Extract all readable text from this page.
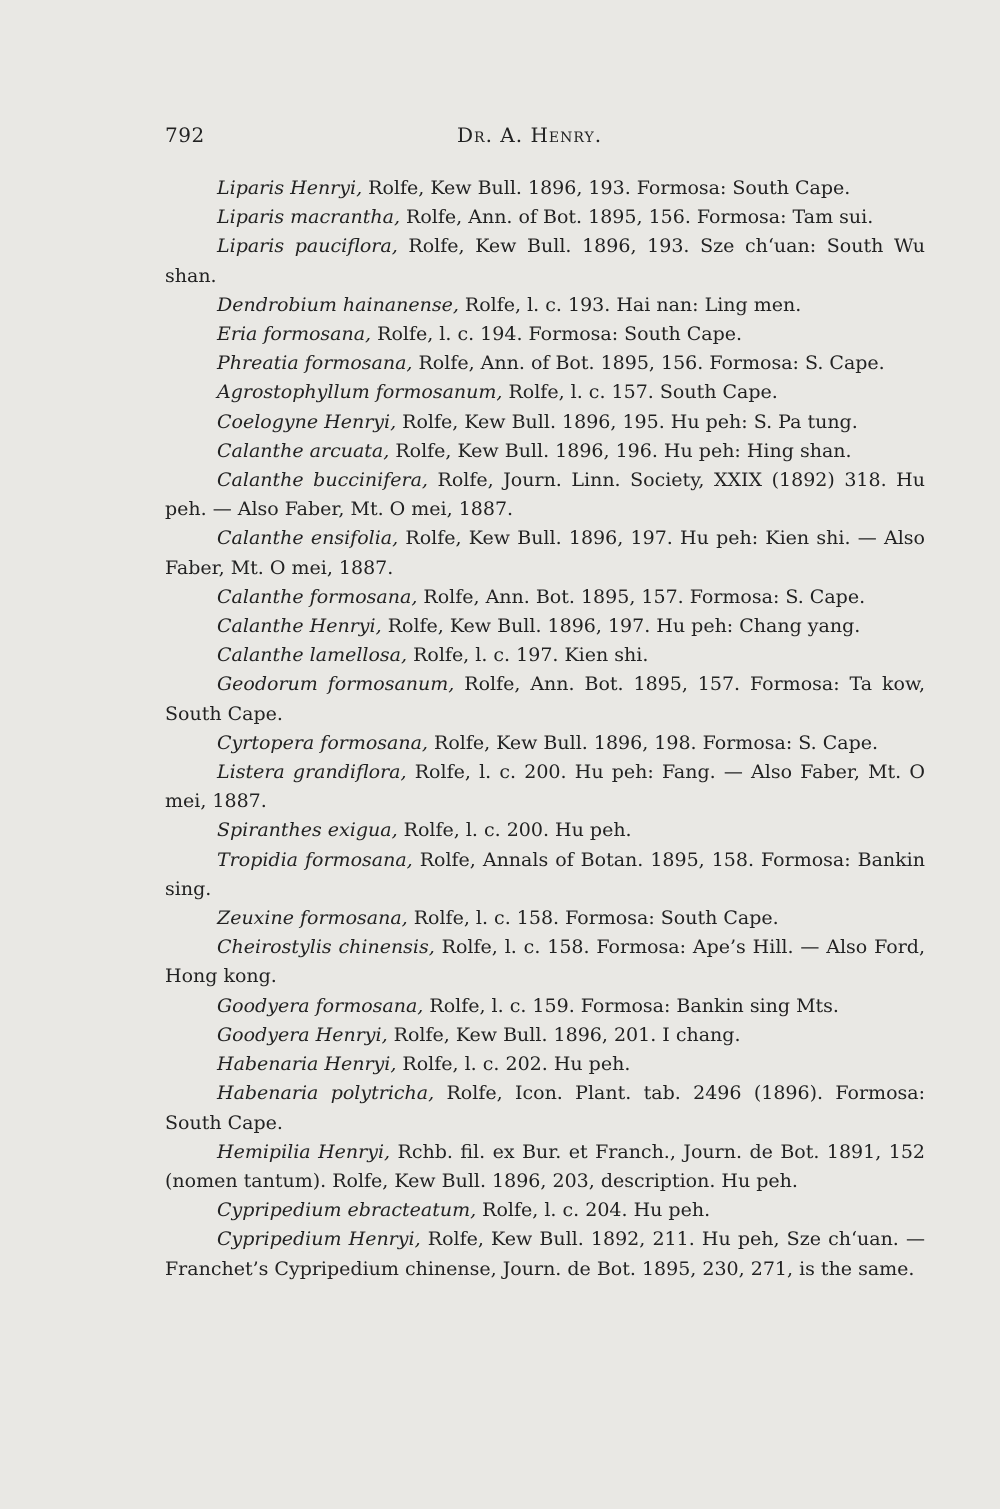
792	Dr. A. Henry.

Liparis Henryi, Rolfe, Kew Bull. 1896, 193. Formosa: South Cape.

Liparis macrantha, Rolfe, Ann. of Bot. 1895, 156. Formosa: Tam sui.

Liparis pauciflora, Rolfe, Kew Bull. 1896, 193. Sze ch‘uan: South Wu shan.

Dendrobium hainanense, Rolfe, l. c. 193. Hai nan: Ling men.

Eria formosana, Rolfe, l. c. 194. Formosa: South Cape.

Phreatia formosana, Rolfe, Ann. of Bot. 1895, 156. Formosa: S. Cape.

Agrostophyllum formosanum, Rolfe, l. c. 157. South Cape.

Coelogyne Henryi, Rolfe, Kew Bull. 1896, 195. Hu peh: S. Pa tung.

Calanthe arcuata, Rolfe, Kew Bull. 1896, 196. Hu peh: Hing shan.

Calanthe buccinifera, Rolfe, Journ. Linn. Society, XXIX (1892) 318. Hu peh. — Also Faber, Mt. O mei, 1887.

Calanthe ensifolia, Rolfe, Kew Bull. 1896, 197. Hu peh: Kien shi. — Also Faber, Mt. O mei, 1887.

Calanthe formosana, Rolfe, Ann. Bot. 1895, 157. Formosa: S. Cape.

Calanthe Henryi, Rolfe, Kew Bull. 1896, 197. Hu peh: Chang yang.

Calanthe lamellosa, Rolfe, l. c. 197. Kien shi.

Geodorum formosanum, Rolfe, Ann. Bot. 1895, 157. Formosa: Ta kow, South Cape.

Cyrtopera formosana, Rolfe, Kew Bull. 1896, 198. Formosa: S. Cape.

Listera grandiflora, Rolfe, l. c. 200. Hu peh: Fang. — Also Faber, Mt. O mei, 1887.

Spiranthes exigua, Rolfe, l. c. 200. Hu peh.

Tropidia formosana, Rolfe, Annals of Botan. 1895, 158. Formosa: Bankin sing.

Zeuxine formosana, Rolfe, l. c. 158. Formosa: South Cape.

Cheirostylis chinensis, Rolfe, l. c. 158. Formosa: Ape’s Hill. — Also Ford, Hong kong.

Goodyera formosana, Rolfe, l. c. 159. Formosa: Bankin sing Mts.

Goodyera Henryi, Rolfe, Kew Bull. 1896, 201. I chang.

Habenaria Henryi, Rolfe, l. c. 202. Hu peh.

Habenaria polytricha, Rolfe, Icon. Plant. tab. 2496 (1896). Formosa: South Cape.

Hemipilia Henryi, Rchb. fil. ex Bur. et Franch., Journ. de Bot. 1891, 152 (nomen tantum). Rolfe, Kew Bull. 1896, 203, description. Hu peh.

Cypripedium ebracteatum, Rolfe, l. c. 204. Hu peh.

Cypripedium Henryi, Rolfe, Kew Bull. 1892, 211. Hu peh, Sze ch‘uan. — Franchet’s Cypripedium chinense, Journ. de Bot. 1895, 230, 271, is the same.
